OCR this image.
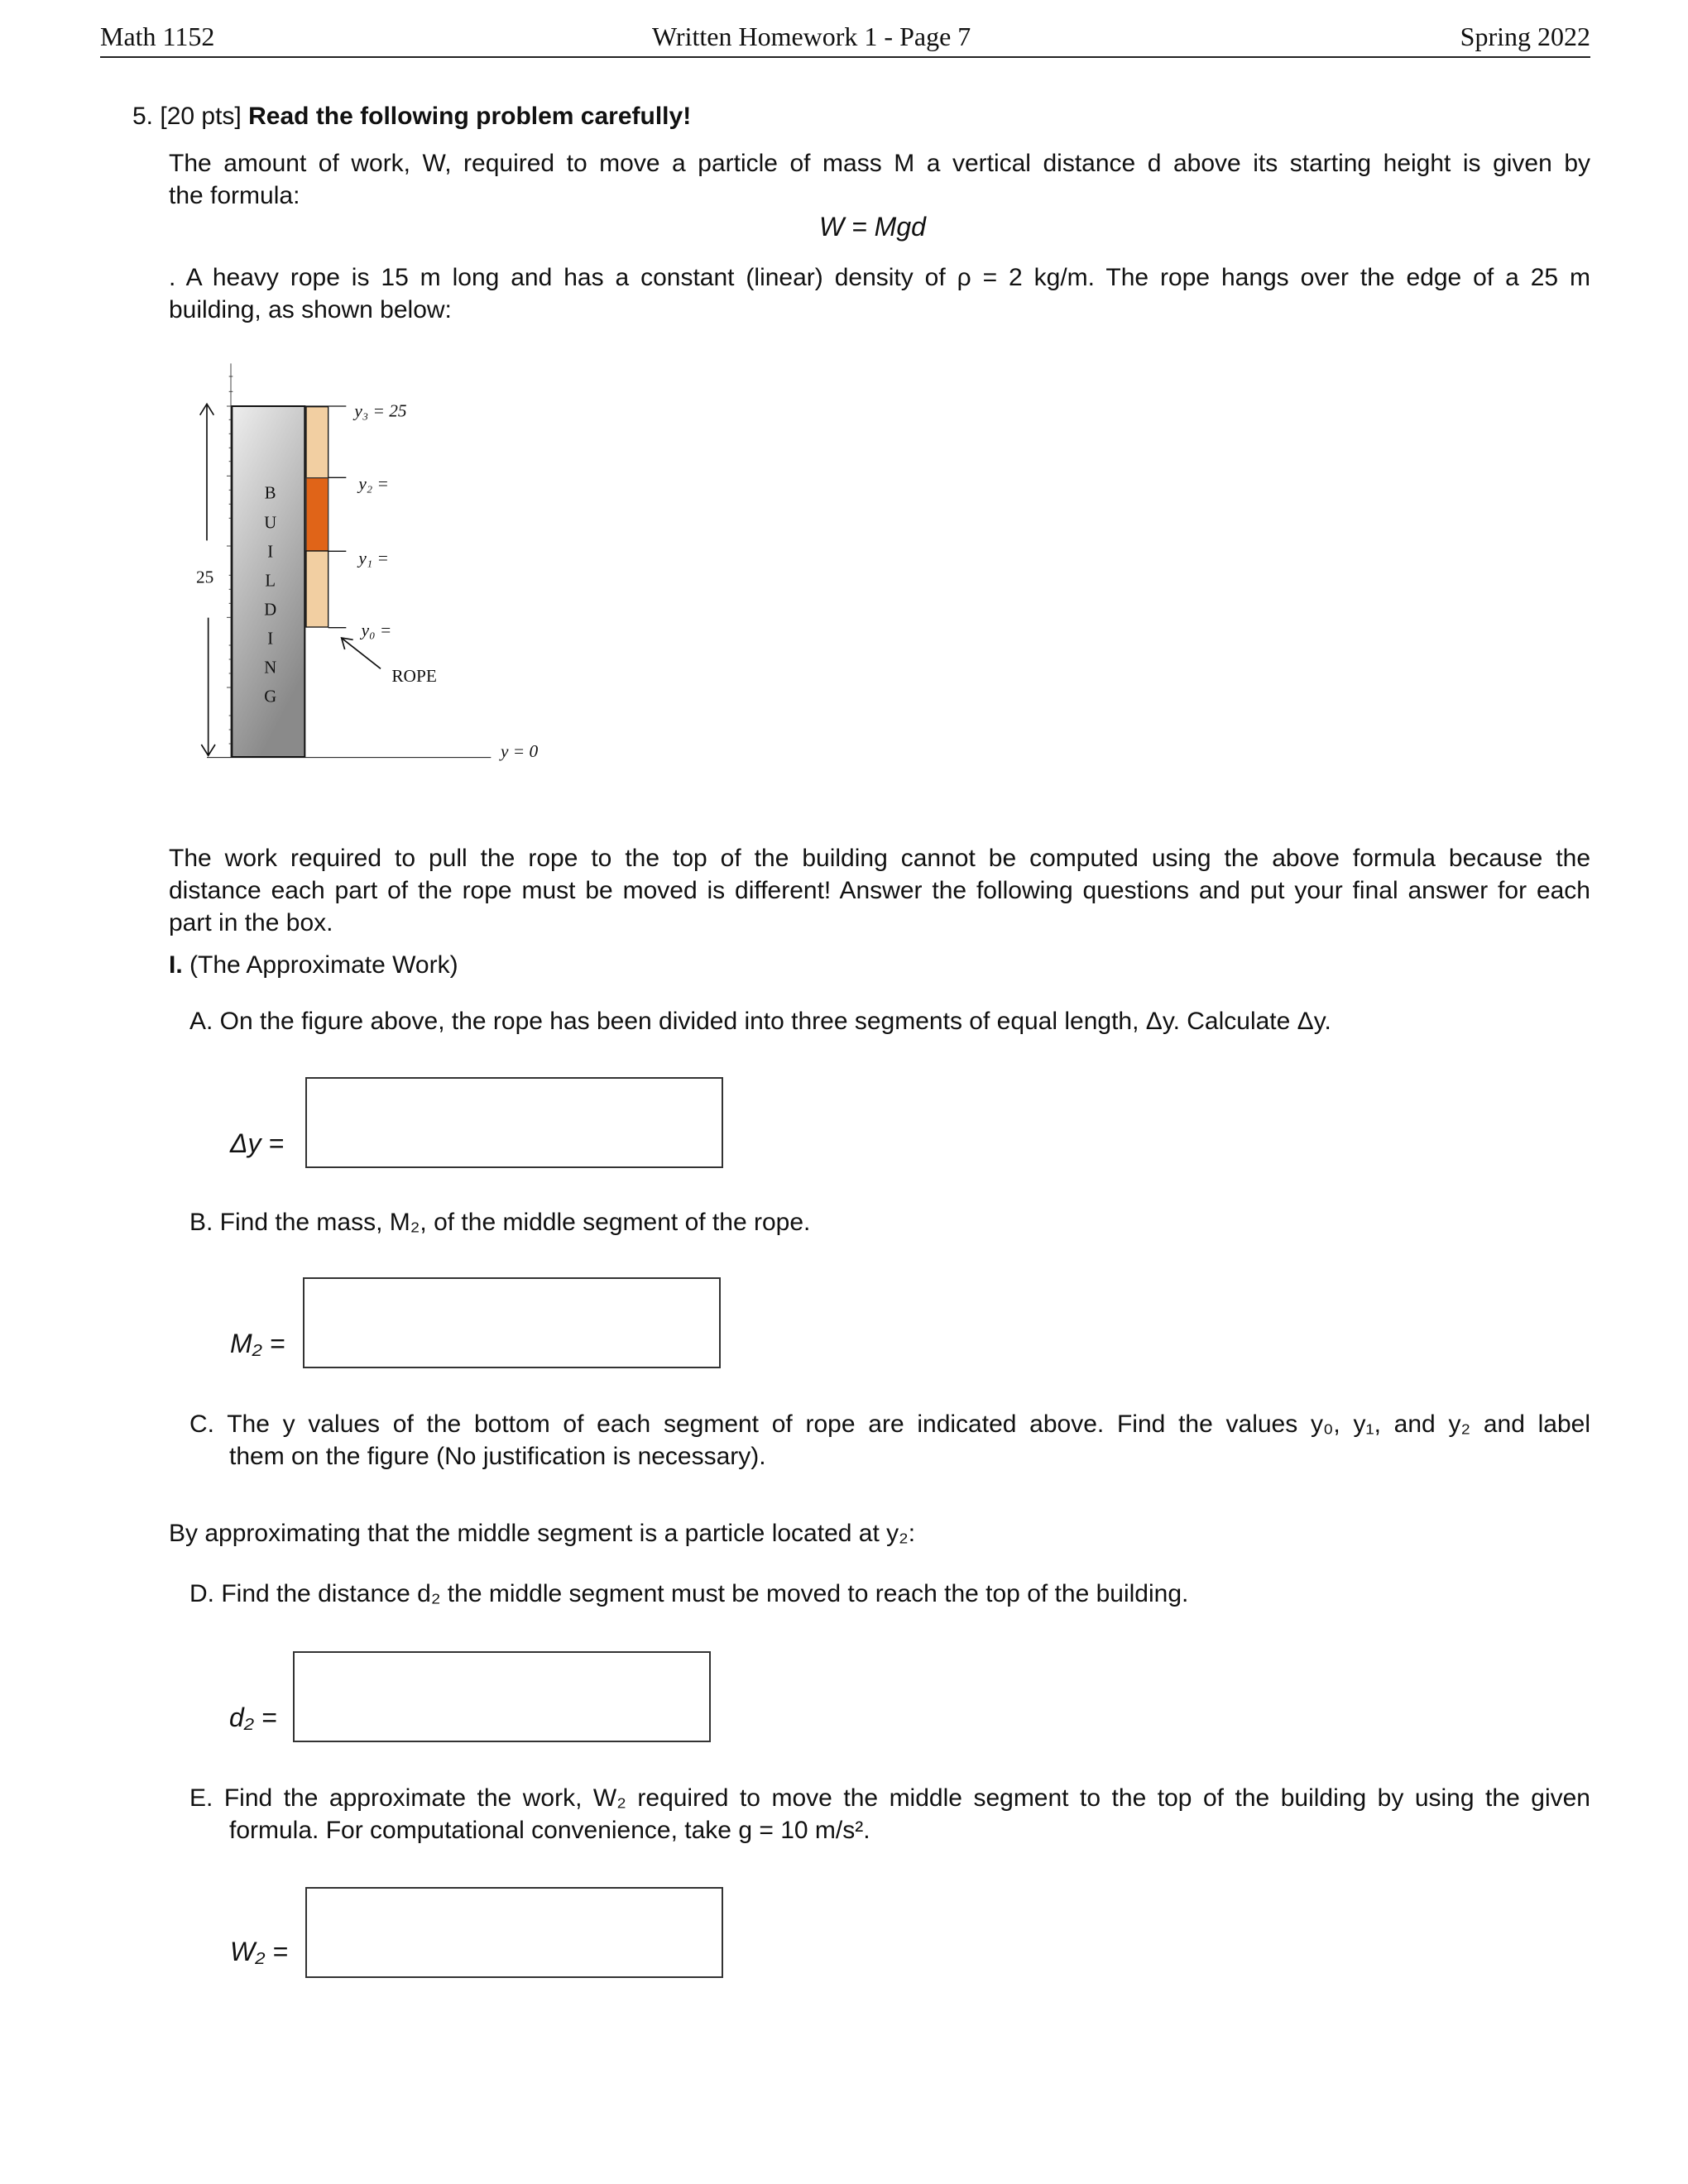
Math 1152	Written Homework 1 - Page 7	Spring 2022
5. [20 pts] Read the following problem carefully!
The amount of work, W, required to move a particle of mass M a vertical distance d above its starting height is given by
the formula:
W = Mgd
. A heavy rope is 15 m long and has a constant (linear) density of ρ = 2 kg/m. The rope hangs over the edge of a 25 m
building, as shown below:
B
U
I
L
D
I
N
G
y₃ = 25
y₂ =
y₁ =
y₀ =
y = 0
ROPE
25
The work required to pull the rope to the top of the building cannot be computed using the above formula because the
distance each part of the rope must be moved is different! Answer the following questions and put your final answer for each
part in the box.
I. (The Approximate Work)
A. On the figure above, the rope has been divided into three segments of equal length, Δy. Calculate Δy.
Δy =
B. Find the mass, M₂, of the middle segment of the rope.
M₂ =
C. The y values of the bottom of each segment of rope are indicated above. Find the values y₀, y₁, and y₂ and label
them on the figure (No justification is necessary).
By approximating that the middle segment is a particle located at y₂:
D. Find the distance d₂ the middle segment must be moved to reach the top of the building.
d₂ =
E. Find the approximate the work, W₂ required to move the middle segment to the top of the building by using the given
formula. For computational convenience, take g = 10 m/s².
W₂ =
